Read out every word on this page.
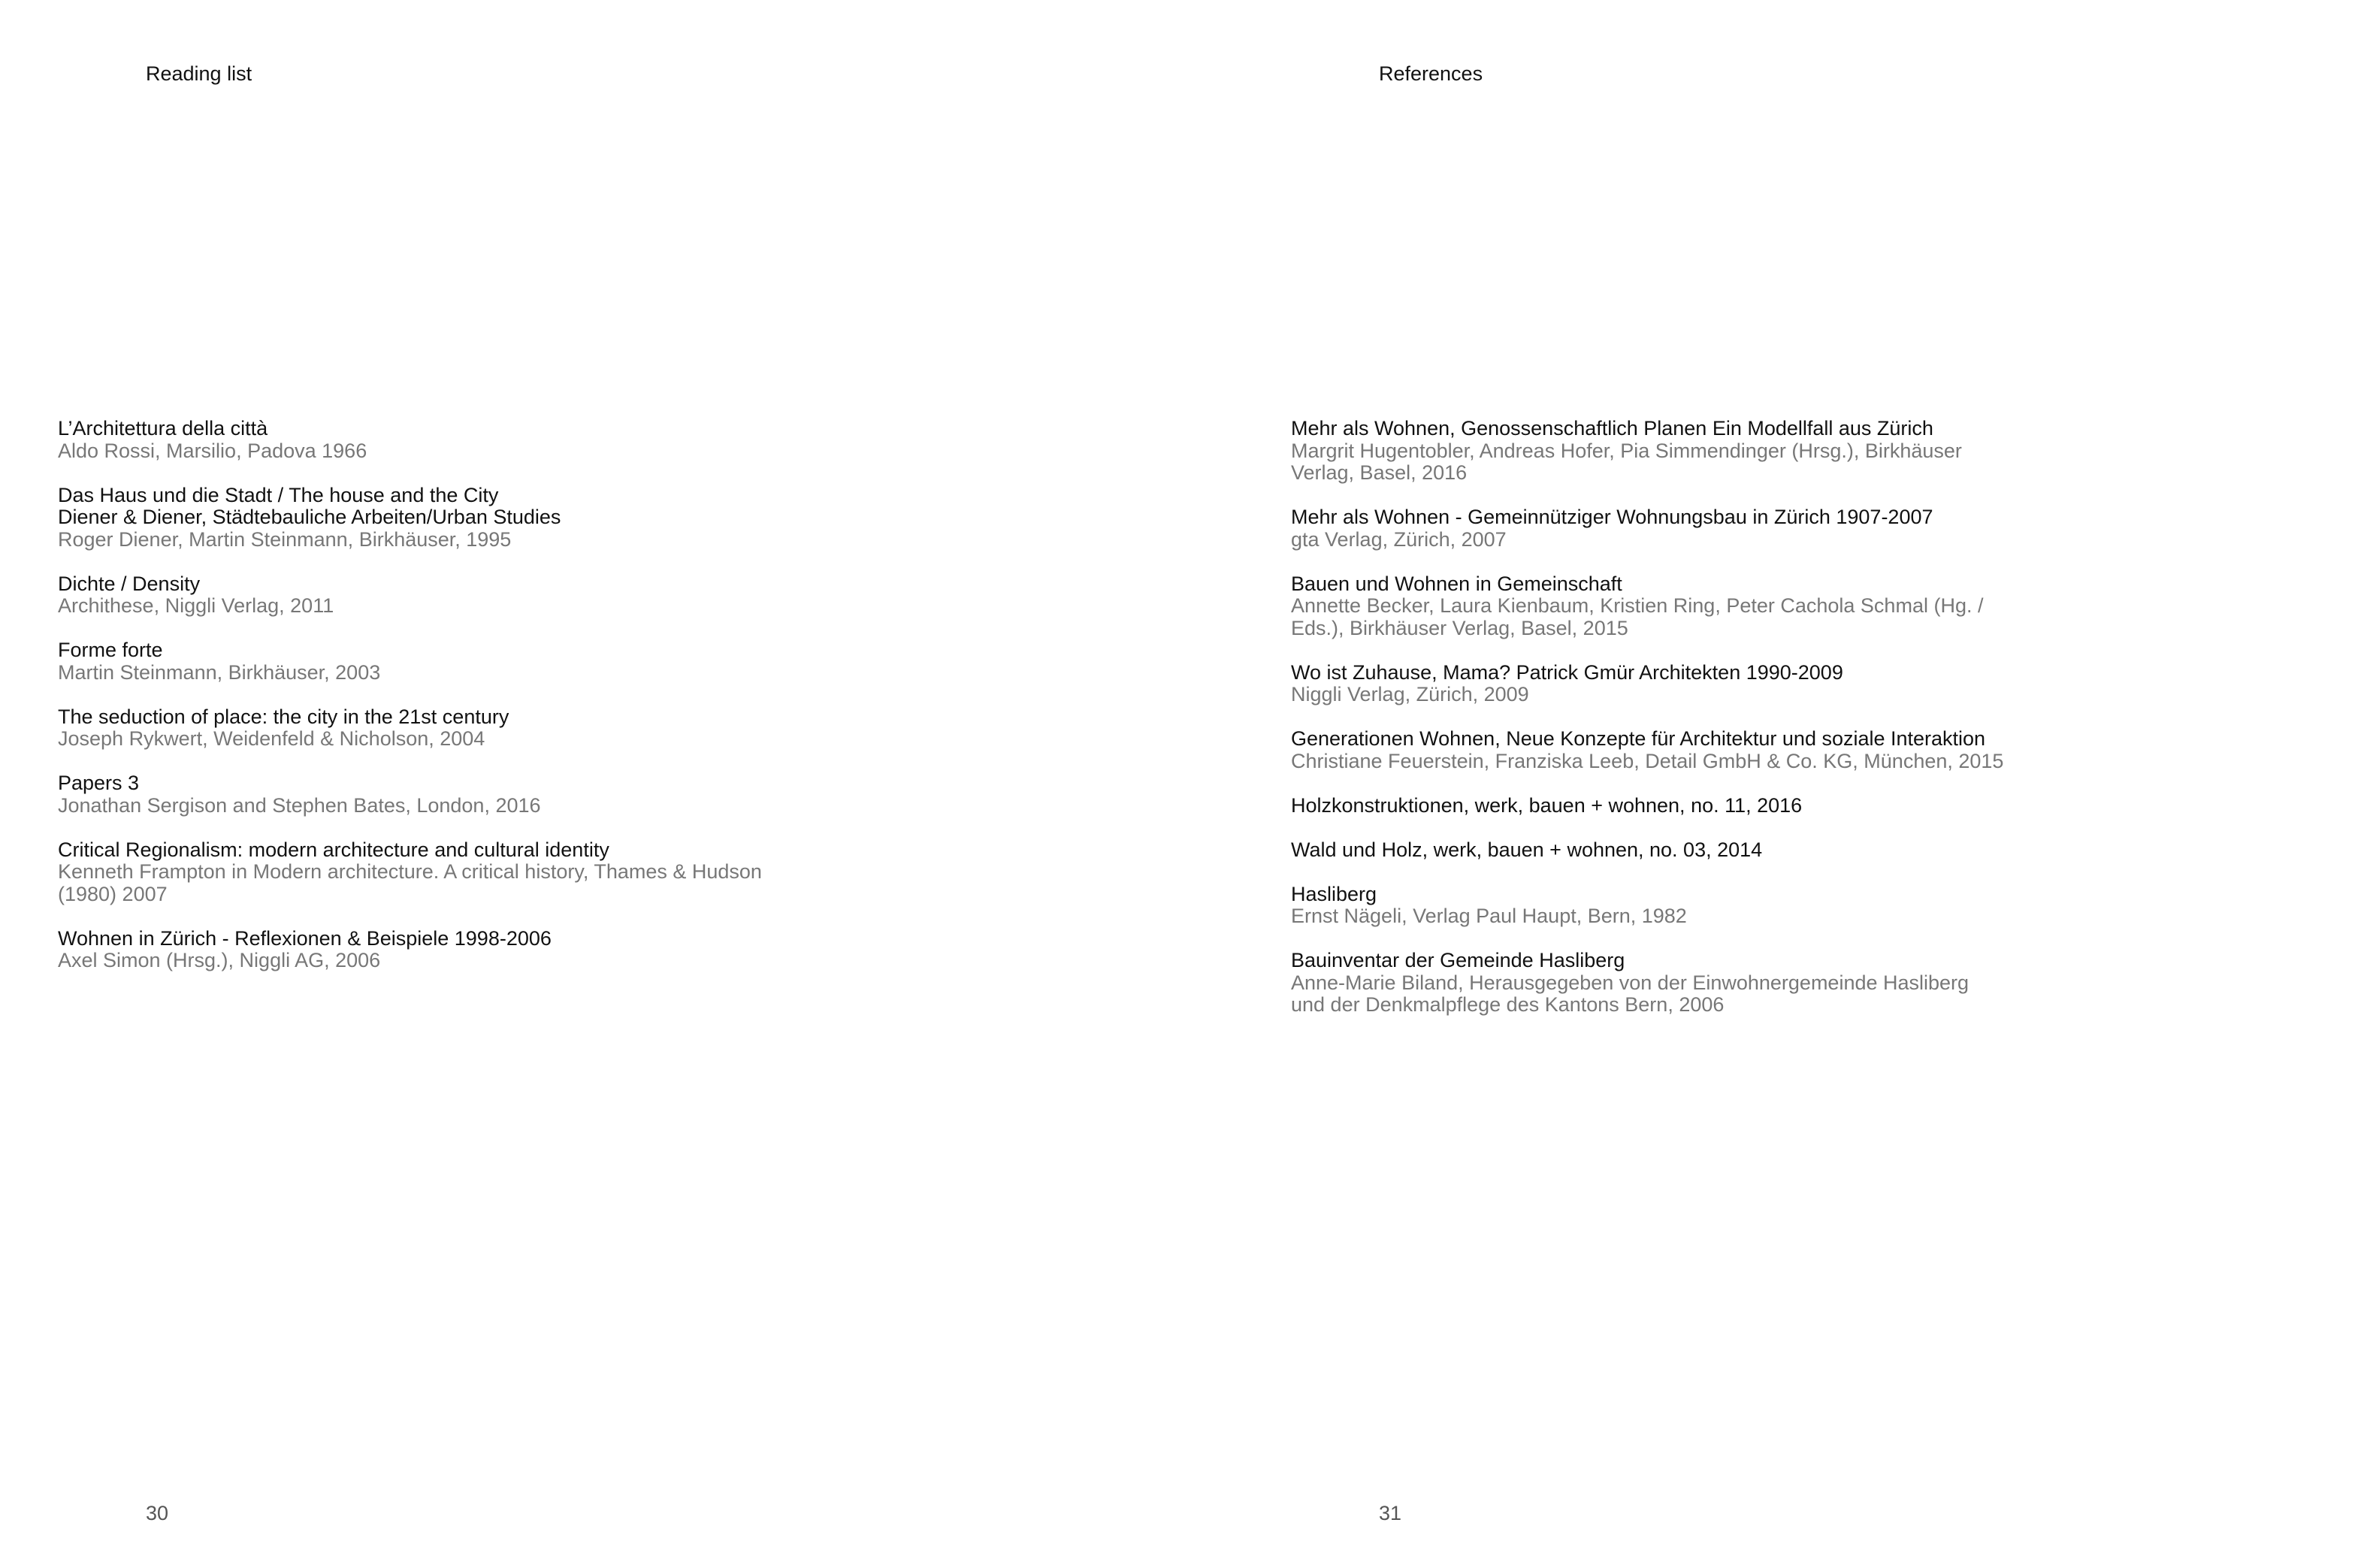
Reading list
L’Architettura della città
Aldo Rossi, Marsilio, Padova 1966
Das Haus und die Stadt / The house and the City
Diener & Diener, Städtebauliche Arbeiten/Urban Studies
Roger Diener, Martin Steinmann, Birkhäuser, 1995
Dichte / Density
Archithese, Niggli Verlag, 2011
Forme forte
Martin Steinmann, Birkhäuser, 2003
The seduction of place: the city in the 21st century
Joseph Rykwert, Weidenfeld & Nicholson, 2004
Papers 3
Jonathan Sergison and Stephen Bates, London, 2016
Critical Regionalism: modern architecture and cultural identity
Kenneth Frampton in Modern architecture. A critical history, Thames & Hudson (1980) 2007
Wohnen in Zürich - Reflexionen & Beispiele 1998-2006
Axel Simon (Hrsg.), Niggli AG, 2006
30
References
Mehr als Wohnen, Genossenschaftlich Planen Ein Modellfall aus Zürich
Margrit Hugentobler, Andreas Hofer, Pia Simmendinger (Hrsg.), Birkhäuser Verlag, Basel, 2016
Mehr als Wohnen - Gemeinnütziger Wohnungsbau in Zürich 1907-2007
gta Verlag, Zürich, 2007
Bauen und Wohnen in Gemeinschaft
Annette Becker, Laura Kienbaum, Kristien Ring, Peter Cachola Schmal (Hg. / Eds.), Birkhäuser Verlag, Basel, 2015
Wo ist Zuhause, Mama? Patrick Gmür Architekten 1990-2009
Niggli Verlag, Zürich, 2009
Generationen Wohnen, Neue Konzepte für Architektur und soziale Interaktion
Christiane Feuerstein, Franziska Leeb, Detail GmbH & Co. KG, München, 2015
Holzkonstruktionen, werk, bauen + wohnen, no. 11, 2016
Wald und Holz, werk, bauen + wohnen, no. 03, 2014
Hasliberg
Ernst Nägeli, Verlag Paul Haupt, Bern, 1982
Bauinventar der Gemeinde Hasliberg
Anne-Marie Biland, Herausgegeben von der Einwohnergemeinde Hasliberg und der Denkmalpflege des Kantons Bern, 2006
31
